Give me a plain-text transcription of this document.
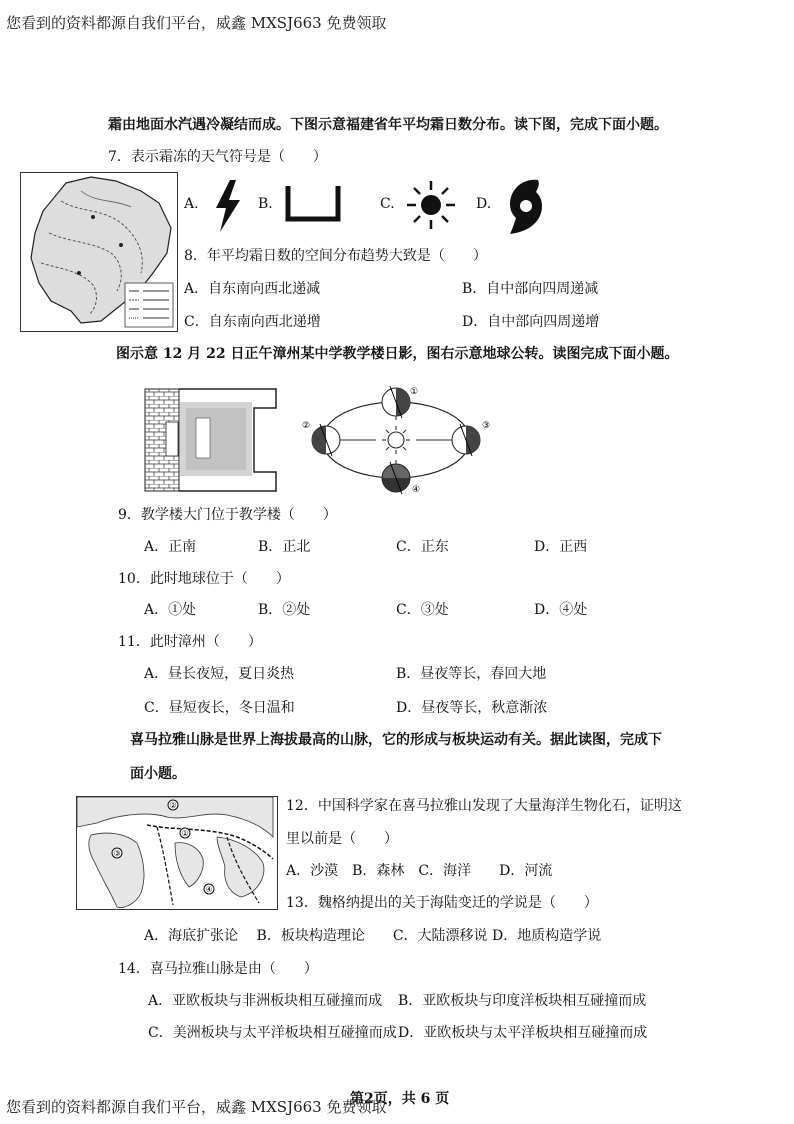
您看到的资料都源自我们平台，威鑫 MXSJ663 免费领取
霜由地面水汽遇冷凝结而成。下图示意福建省年平均霜日数分布。读下图，完成下面小题。
7．表示霜冻的天气符号是（　　）
A.	B.	C.	D.
8．年平均霜日数的空间分布趋势大致是（　　）
A．自东南向西北递减	B．自中部向四周递减
C．自东南向西北递增	D．自中部向四周递增
图示意 12 月 22 日正午漳州某中学教学楼日影，图右示意地球公转。读图完成下面小题。
①
②	③
④
9．教学楼大门位于教学楼（　　）
A．正南	B．正北	C．正东	D．正西
10．此时地球位于（　　）
A．①处	B．②处	C．③处	D．④处
11．此时漳州（　　）
A．昼长夜短，夏日炎热	B．昼夜等长，春回大地
C．昼短夜长，冬日温和	D．昼夜等长，秋意渐浓
喜马拉雅山脉是世界上海拔最高的山脉，它的形成与板块运动有关。据此读图，完成下
面小题。
②
③
①
④
12．中国科学家在喜马拉雅山发现了大量海洋生物化石，证明这
里以前是（　　）
A．沙漠　B．森林　C．海洋　　D．河流
13．魏格纳提出的关于海陆变迁的学说是（　　）
A．海底扩张论　 B．板块构造理论　　C．大陆漂移说 D．地质构造学说
14．喜马拉雅山脉是由（　　）
A．亚欧板块与非洲板块相互碰撞而成 B．亚欧板块与印度洋板块相互碰撞而成
C．美洲板块与太平洋板块相互碰撞而成 D．亚欧板块与太平洋板块相互碰撞而成
第2页，共 6 页
您看到的资料都源自我们平台，威鑫 MXSJ663 免费领取
